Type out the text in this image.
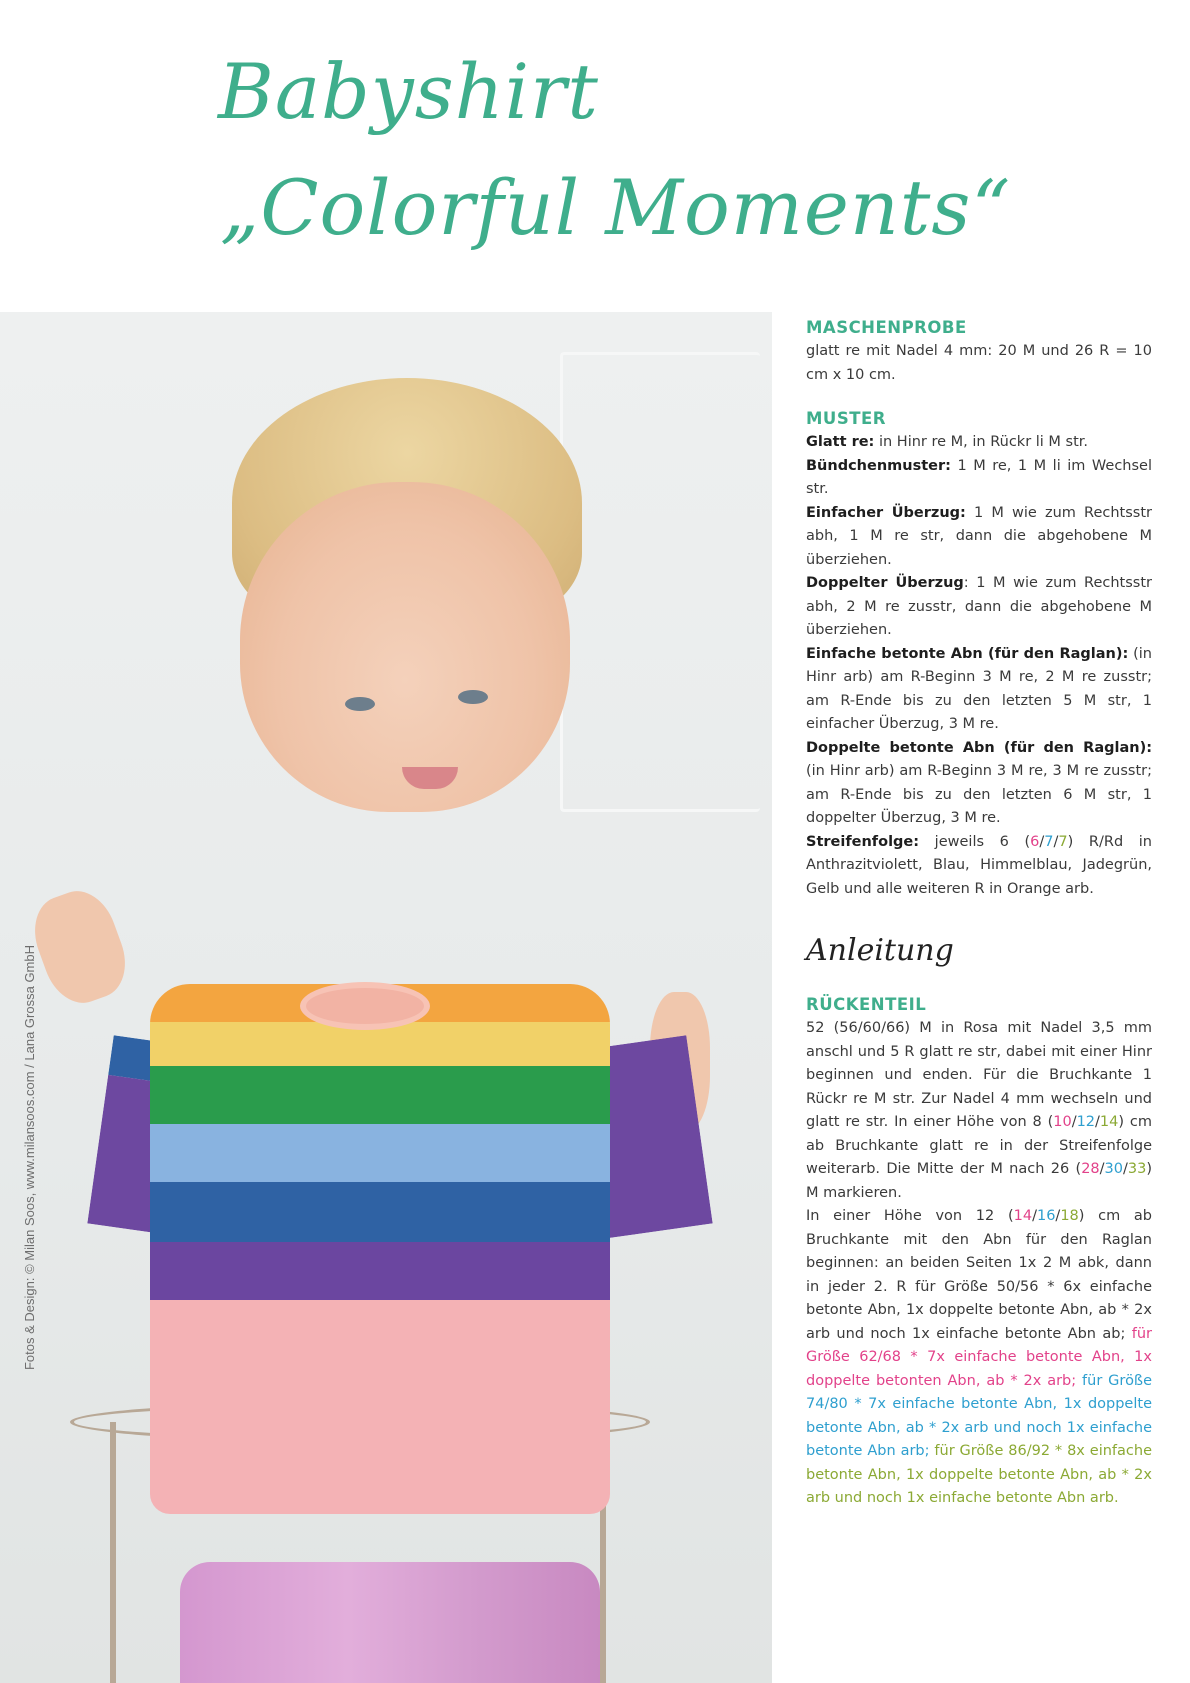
Babyshirt
„Colorful Moments“
Fotos & Design: © Milan Soos, www.milansoos.com / Lana Grossa GmbH
MASCHENPROBE

glatt re mit Nadel 4 mm: 20 M und 26 R = 10 cm x 10 cm.

MUSTER

Glatt re: in Hinr re M, in Rückr li M str.

Bündchenmuster: 1 M re, 1 M li im Wechsel str.

Einfacher Überzug: 1 M wie zum Rechtsstr abh, 1 M re str, dann die abgehobene M überziehen.

Doppelter Überzug: 1 M wie zum Rechtsstr abh, 2 M re zusstr, dann die abgehobene M überziehen.

Einfache betonte Abn (für den Raglan): (in Hinr arb) am R-Beginn 3 M re, 2 M re zusstr; am R-Ende bis zu den letzten 5 M str, 1 einfacher Überzug, 3 M re.

Doppelte betonte Abn (für den Raglan): (in Hinr arb) am R-Beginn 3 M re, 3 M re zusstr; am R-Ende bis zu den letzten 6 M str, 1 doppelter Überzug, 3 M re.

Streifenfolge: jeweils 6 (6/7/7) R/Rd in Anthrazitviolett, Blau, Himmelblau, Jadegrün, Gelb und alle weiteren R in Orange arb.

Anleitung
RÜCKENTEIL

52 (56/60/66) M in Rosa mit Nadel 3,5 mm anschl und 5 R glatt re str, dabei mit einer Hinr beginnen und enden. Für die Bruchkante 1 Rückr re M str. Zur Nadel 4 mm wechseln und glatt re str. In einer Höhe von 8 (10/12/14) cm ab Bruchkante glatt re in der Streifenfolge weiterarb. Die Mitte der M nach 26 (28/30/33) M markieren.

In einer Höhe von 12 (14/16/18) cm ab Bruchkante mit den Abn für den Raglan beginnen: an beiden Seiten 1x 2 M abk, dann in jeder 2. R für Größe 50/56 * 6x einfache betonte Abn, 1x doppelte betonte Abn, ab * 2x arb und noch 1x einfache betonte Abn ab; für Größe 62/68 * 7x einfache betonte Abn, 1x doppelte betonten Abn, ab * 2x arb; für Größe 74/80 * 7x einfache betonte Abn, 1x doppelte betonte Abn, ab * 2x arb und noch 1x einfache betonte Abn arb; für Größe 86/92 * 8x einfache betonte Abn, 1x doppelte betonte Abn, ab * 2x arb und noch 1x einfache betonte Abn arb.
